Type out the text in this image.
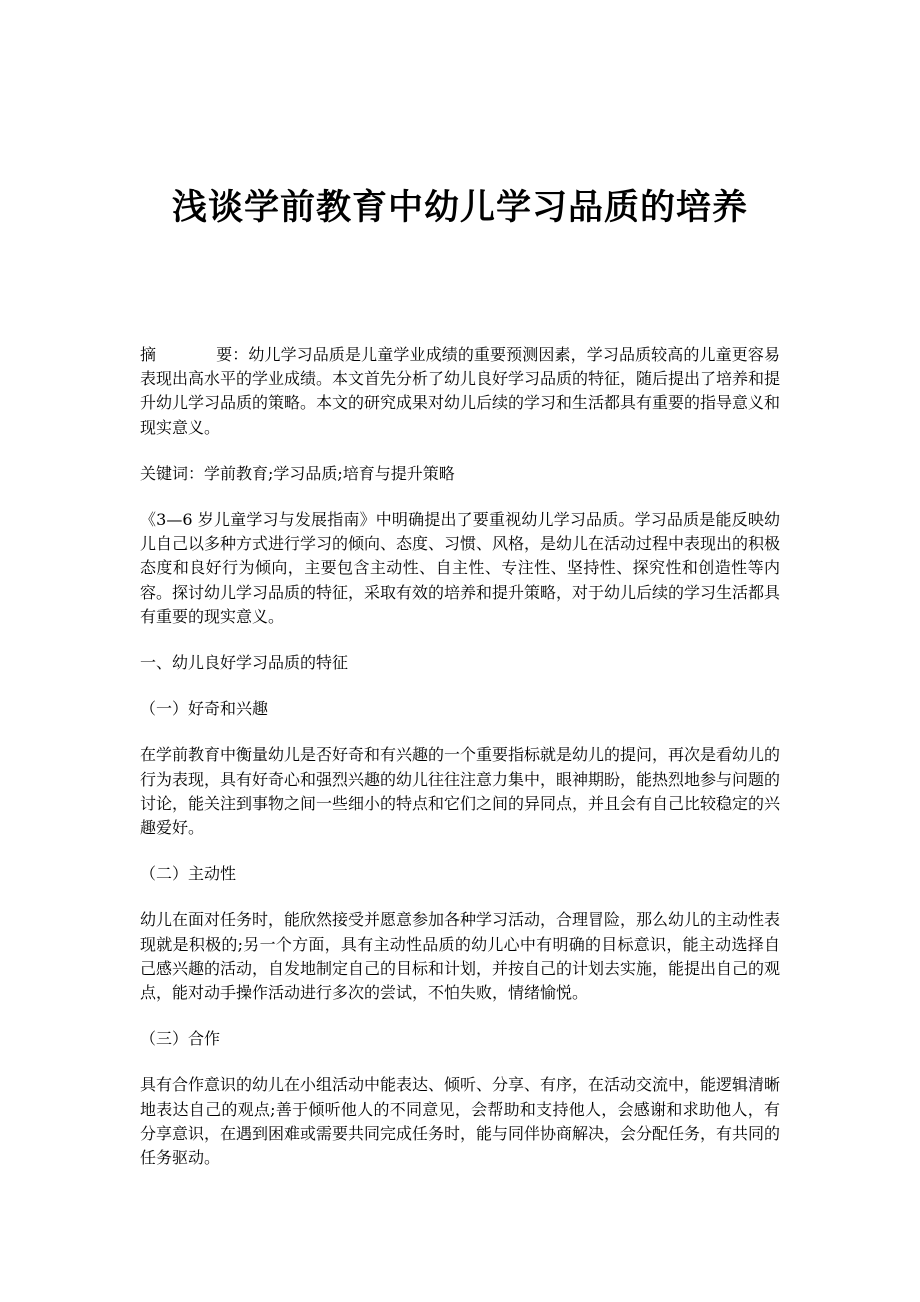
浅谈学前教育中幼儿学习品质的培养

摘	要：幼儿学习品质是儿童学业成绩的重要预测因素，学习品质较高的儿童更容易表现出高水平的学业成绩。本文首先分析了幼儿良好学习品质的特征，随后提出了培养和提升幼儿学习品质的策略。本文的研究成果对幼儿后续的学习和生活都具有重要的指导意义和现实意义。

关键词：学前教育;学习品质;培育与提升策略

《3—6 岁儿童学习与发展指南》中明确提出了要重视幼儿学习品质。学习品质是能反映幼儿自己以多种方式进行学习的倾向、态度、习惯、风格，是幼儿在活动过程中表现出的积极态度和良好行为倾向，主要包含主动性、自主性、专注性、坚持性、探究性和创造性等内容。探讨幼儿学习品质的特征，采取有效的培养和提升策略，对于幼儿后续的学习生活都具有重要的现实意义。

一、幼儿良好学习品质的特征

（一）好奇和兴趣

在学前教育中衡量幼儿是否好奇和有兴趣的一个重要指标就是幼儿的提问，再次是看幼儿的行为表现，具有好奇心和强烈兴趣的幼儿往往注意力集中，眼神期盼，能热烈地参与问题的讨论，能关注到事物之间一些细小的特点和它们之间的异同点，并且会有自己比较稳定的兴趣爱好。

（二）主动性

幼儿在面对任务时，能欣然接受并愿意参加各种学习活动，合理冒险，那么幼儿的主动性表现就是积极的;另一个方面，具有主动性品质的幼儿心中有明确的目标意识，能主动选择自己感兴趣的活动，自发地制定自己的目标和计划，并按自己的计划去实施，能提出自己的观点，能对动手操作活动进行多次的尝试，不怕失败，情绪愉悦。

（三）合作

具有合作意识的幼儿在小组活动中能表达、倾听、分享、有序，在活动交流中，能逻辑清晰地表达自己的观点;善于倾听他人的不同意见，会帮助和支持他人，会感谢和求助他人，有分享意识，在遇到困难或需要共同完成任务时，能与同伴协商解决，会分配任务，有共同的任务驱动。
